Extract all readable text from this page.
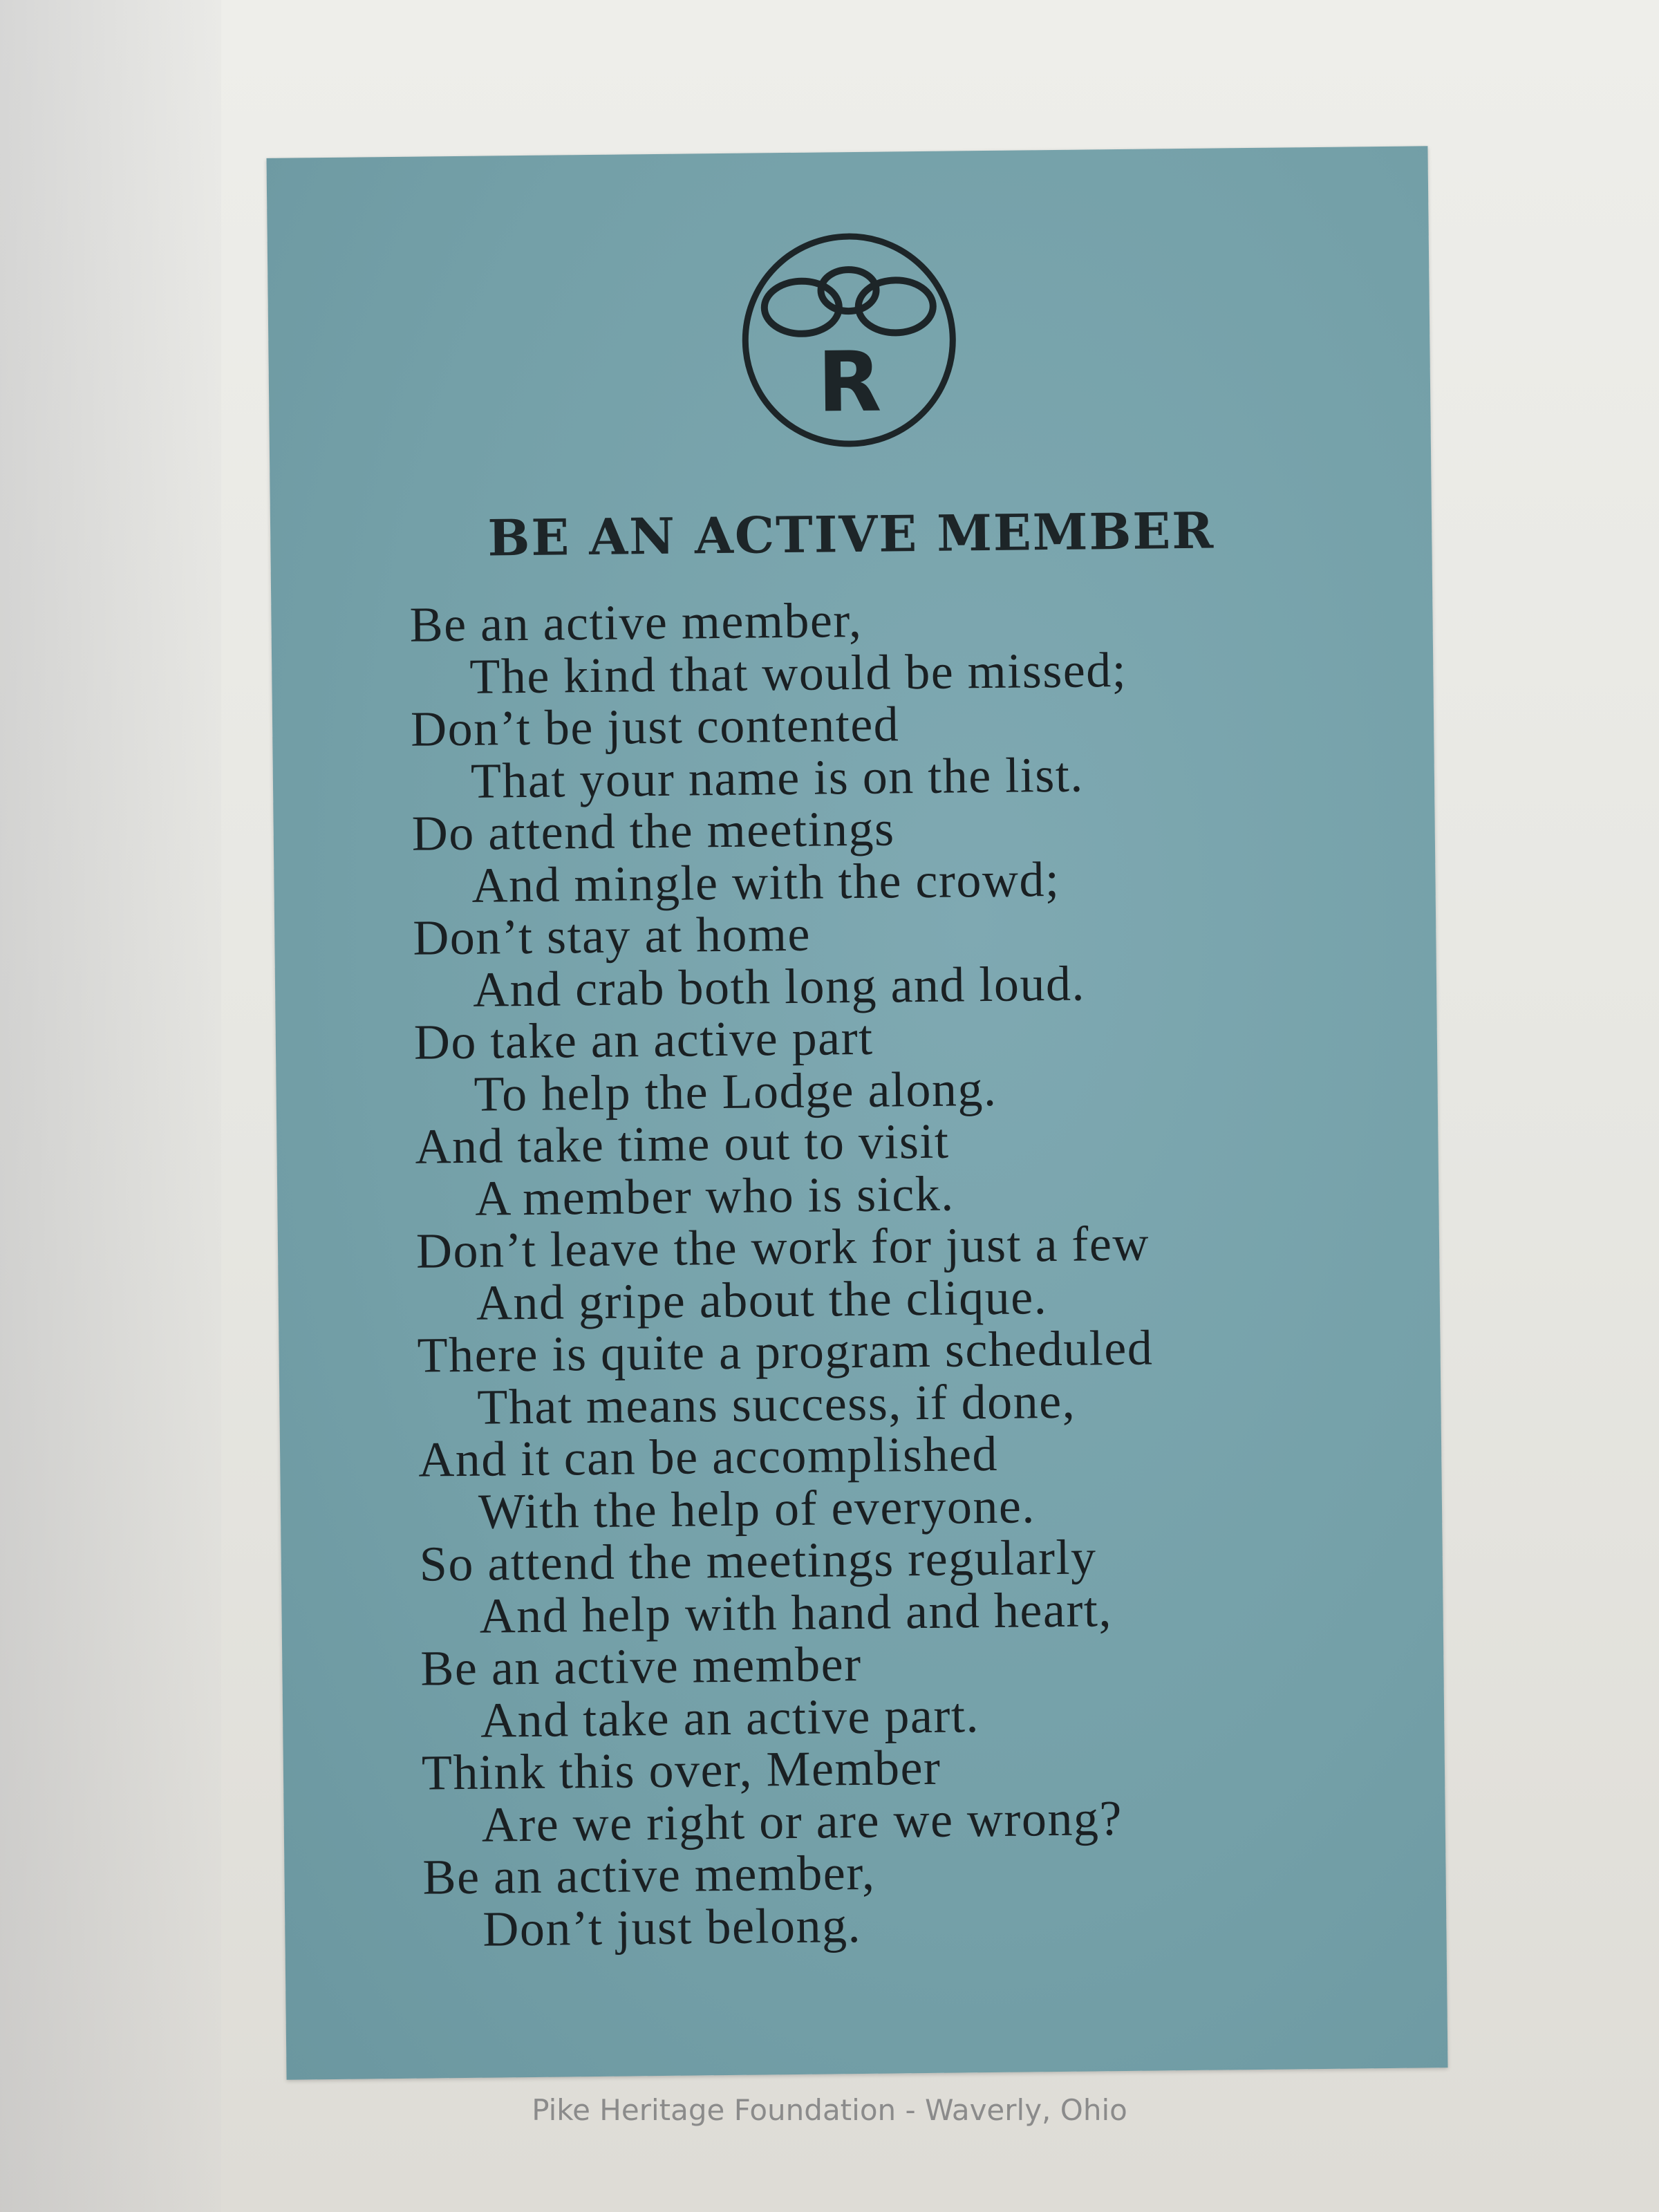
R
BE AN ACTIVE MEMBER
Be an active member,
The kind that would be missed;
Don’t be just contented
That your name is on the list.
Do attend the meetings
And mingle with the crowd;
Don’t stay at home
And crab both long and loud.
Do take an active part
To help the Lodge along.
And take time out to visit
A member who is sick.
Don’t leave the work for just a few
And gripe about the clique.
There is quite a program scheduled
That means success, if done,
And it can be accomplished
With the help of everyone.
So attend the meetings regularly
And help with hand and heart,
Be an active member
And take an active part.
Think this over, Member
Are we right or are we wrong?
Be an active member,
Don’t just belong.
Pike Heritage Foundation - Waverly, Ohio
